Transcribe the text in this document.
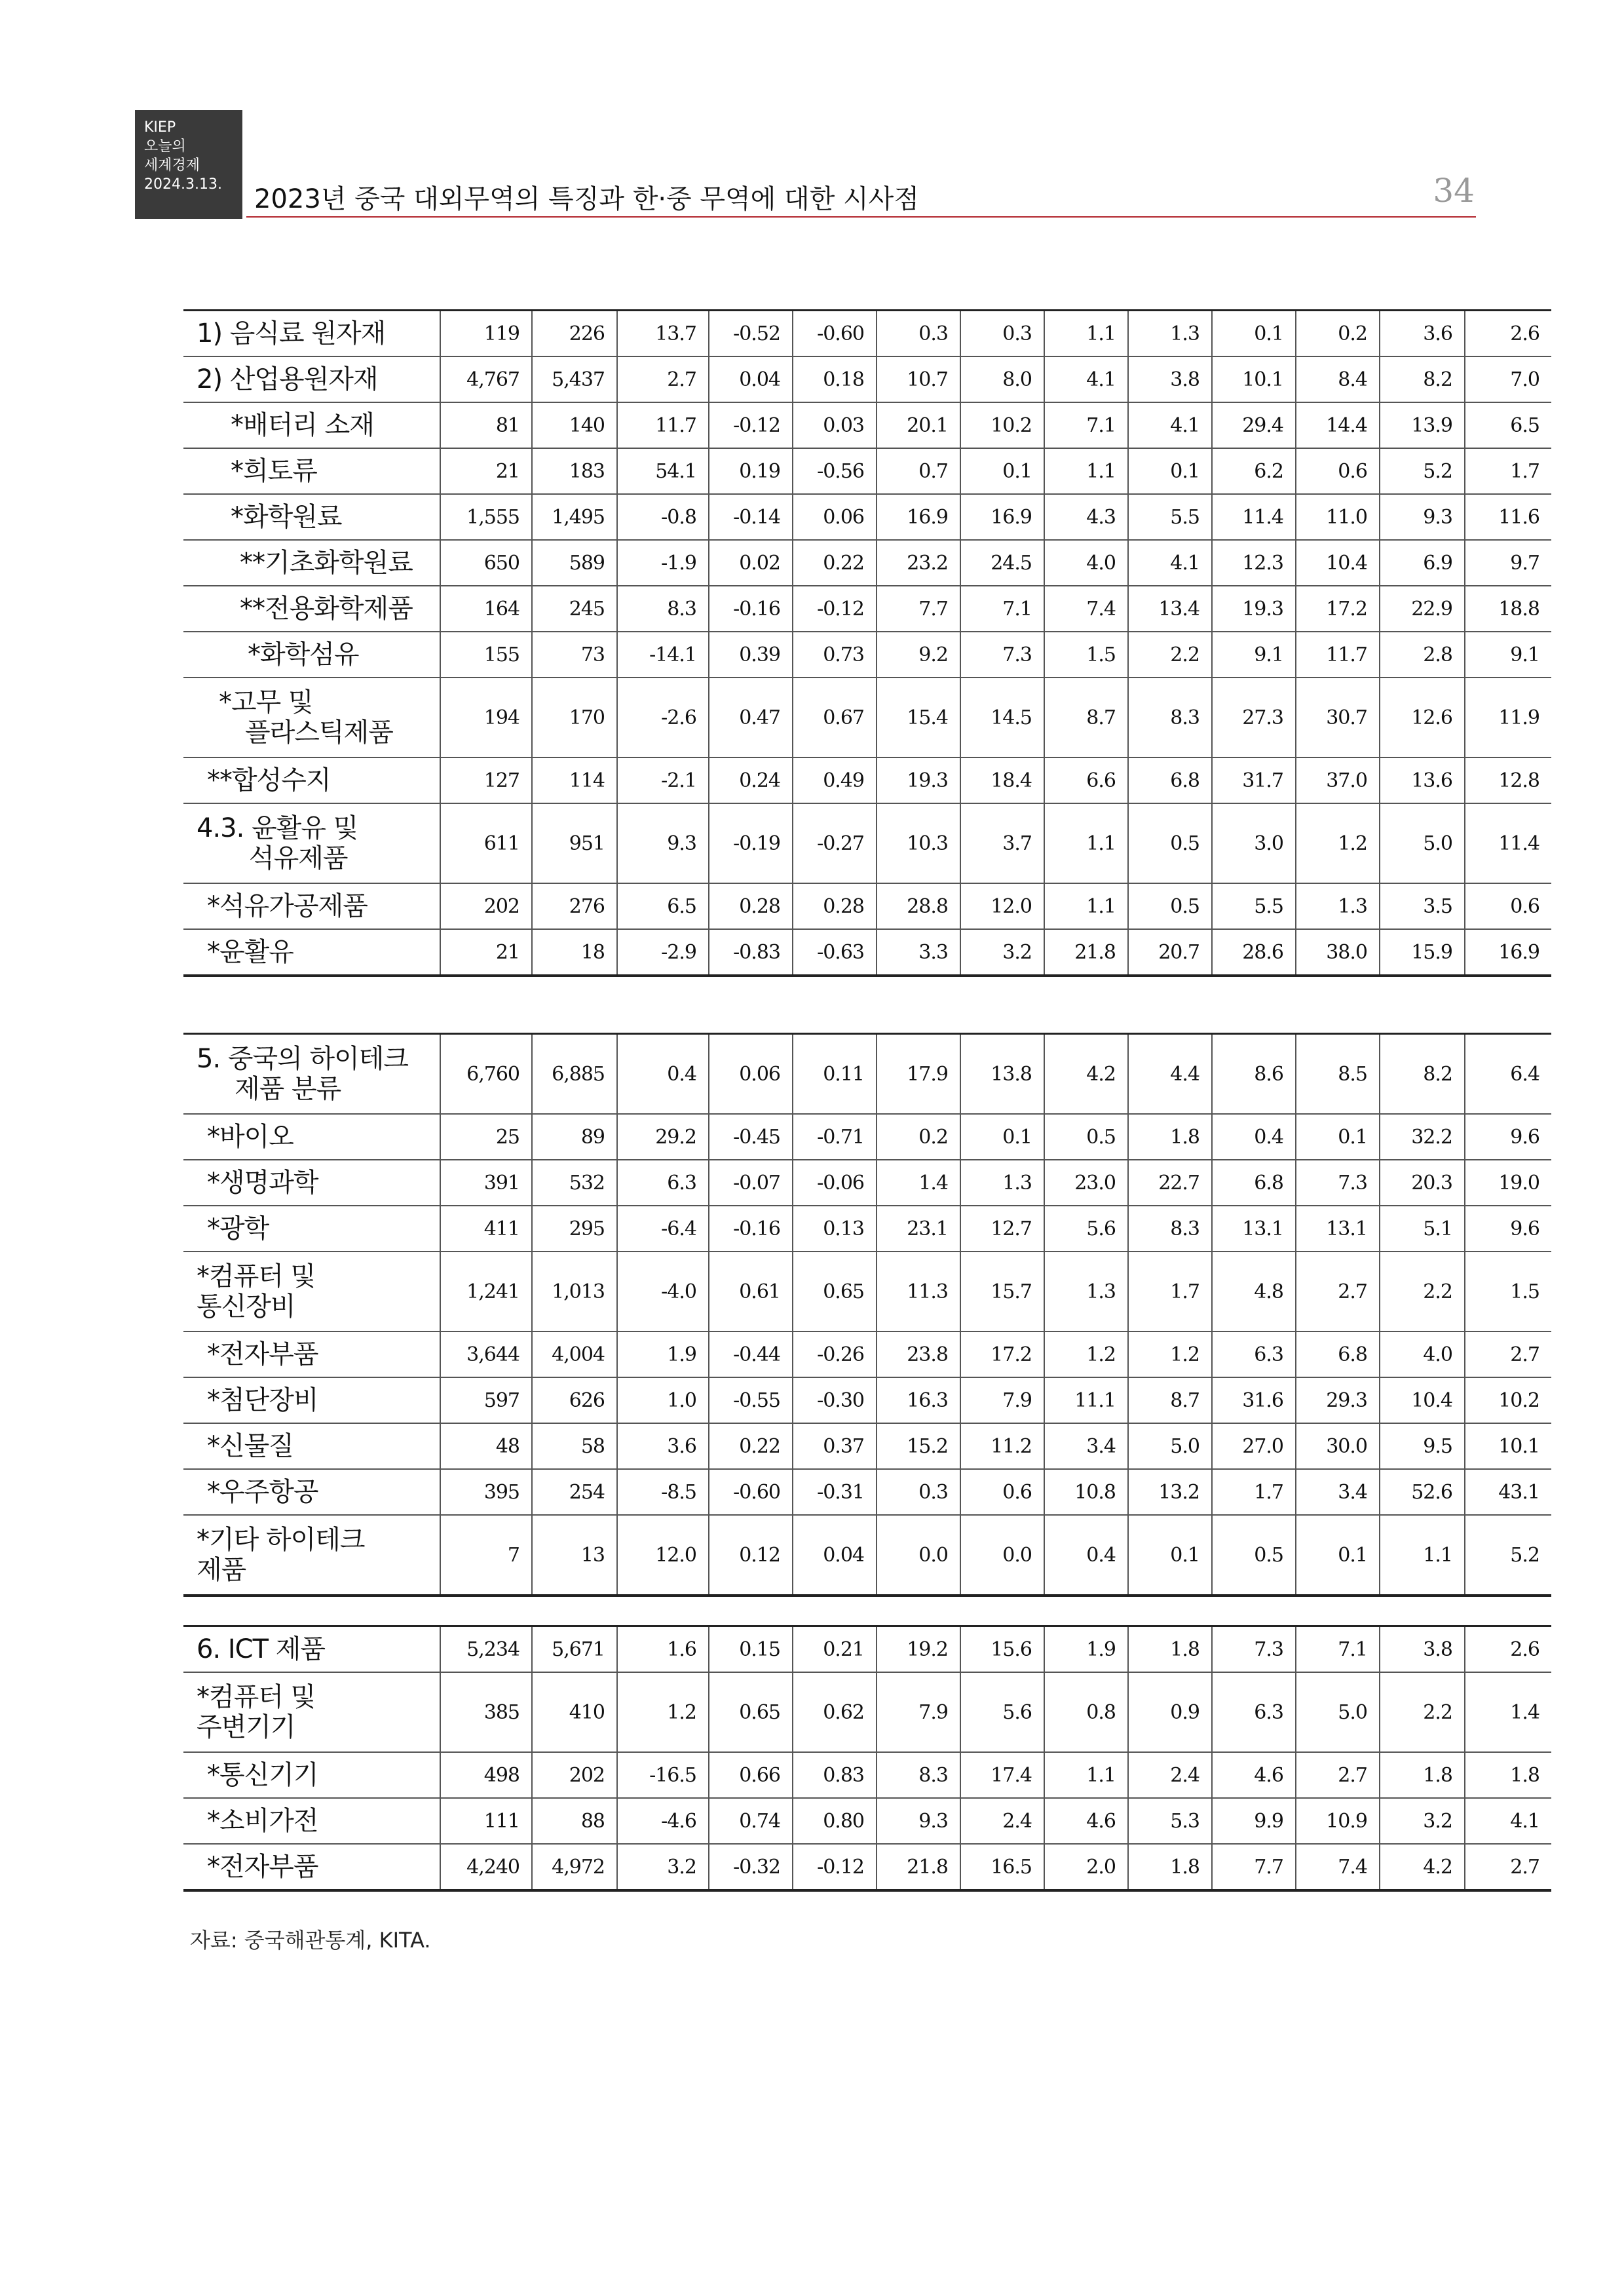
KIEP
오늘의
세계경제
2024.3.13.	2023년 중국 대외무역의 특징과 한·중 무역에 대한 시사점	34
1) 음식료 원자재	119	226	13.7	-0.52	-0.60	0.3	0.3	1.1	1.3	0.1	0.2	3.6	2.6
2) 산업용원자재	4,767	5,437	2.7	0.04	0.18	10.7	8.0	4.1	3.8	10.1	8.4	8.2	7.0
*배터리 소재	81	140	11.7	-0.12	0.03	20.1	10.2	7.1	4.1	29.4	14.4	13.9	6.5
*희토류	21	183	54.1	0.19	-0.56	0.7	0.1	1.1	0.1	6.2	0.6	5.2	1.7
*화학원료	1,555	1,495	-0.8	-0.14	0.06	16.9	16.9	4.3	5.5	11.4	11.0	9.3	11.6
**기초화학원료	650	589	-1.9	0.02	0.22	23.2	24.5	4.0	4.1	12.3	10.4	6.9	9.7
**전용화학제품	164	245	8.3	-0.16	-0.12	7.7	7.1	7.4	13.4	19.3	17.2	22.9	18.8
*화학섬유	155	73	-14.1	0.39	0.73	9.2	7.3	1.5	2.2	9.1	11.7	2.8	9.1

*고무 및
플라스틱제품	194	170	-2.6	0.47	0.67	15.4	14.5	8.7	8.3	27.3	30.7	12.6	11.9
**합성수지	127	114	-2.1	0.24	0.49	19.3	18.4	6.6	6.8	31.7	37.0	13.6	12.8

4.3. 윤활유 및
석유제품	611	951	9.3	-0.19	-0.27	10.3	3.7	1.1	0.5	3.0	1.2	5.0	11.4
*석유가공제품	202	276	6.5	0.28	0.28	28.8	12.0	1.1	0.5	5.5	1.3	3.5	0.6
*윤활유	21	18	-2.9	-0.83	-0.63	3.3	3.2	21.8	20.7	28.6	38.0	15.9	16.9
5. 중국의 하이테크
제품 분류	6,760	6,885	0.4	0.06	0.11	17.9	13.8	4.2	4.4	8.6	8.5	8.2	6.4
*바이오	25	89	29.2	-0.45	-0.71	0.2	0.1	0.5	1.8	0.4	0.1	32.2	9.6
*생명과학	391	532	6.3	-0.07	-0.06	1.4	1.3	23.0	22.7	6.8	7.3	20.3	19.0
*광학	411	295	-6.4	-0.16	0.13	23.1	12.7	5.6	8.3	13.1	13.1	5.1	9.6

*컴퓨터 및
통신장비	1,241	1,013	-4.0	0.61	0.65	11.3	15.7	1.3	1.7	4.8	2.7	2.2	1.5
*전자부품	3,644	4,004	1.9	-0.44	-0.26	23.8	17.2	1.2	1.2	6.3	6.8	4.0	2.7
*첨단장비	597	626	1.0	-0.55	-0.30	16.3	7.9	11.1	8.7	31.6	29.3	10.4	10.2
*신물질	48	58	3.6	0.22	0.37	15.2	11.2	3.4	5.0	27.0	30.0	9.5	10.1
*우주항공	395	254	-8.5	-0.60	-0.31	0.3	0.6	10.8	13.2	1.7	3.4	52.6	43.1

*기타 하이테크
제품	7	13	12.0	0.12	0.04	0.0	0.0	0.4	0.1	0.5	0.1	1.1	5.2
6. ICT 제품	5,234	5,671	1.6	0.15	0.21	19.2	15.6	1.9	1.8	7.3	7.1	3.8	2.6

*컴퓨터 및
주변기기	385	410	1.2	0.65	0.62	7.9	5.6	0.8	0.9	6.3	5.0	2.2	1.4
*통신기기	498	202	-16.5	0.66	0.83	8.3	17.4	1.1	2.4	4.6	2.7	1.8	1.8
*소비가전	111	88	-4.6	0.74	0.80	9.3	2.4	4.6	5.3	9.9	10.9	3.2	4.1
*전자부품	4,240	4,972	3.2	-0.32	-0.12	21.8	16.5	2.0	1.8	7.7	7.4	4.2	2.7
자료: 중국해관통계, KITA.
